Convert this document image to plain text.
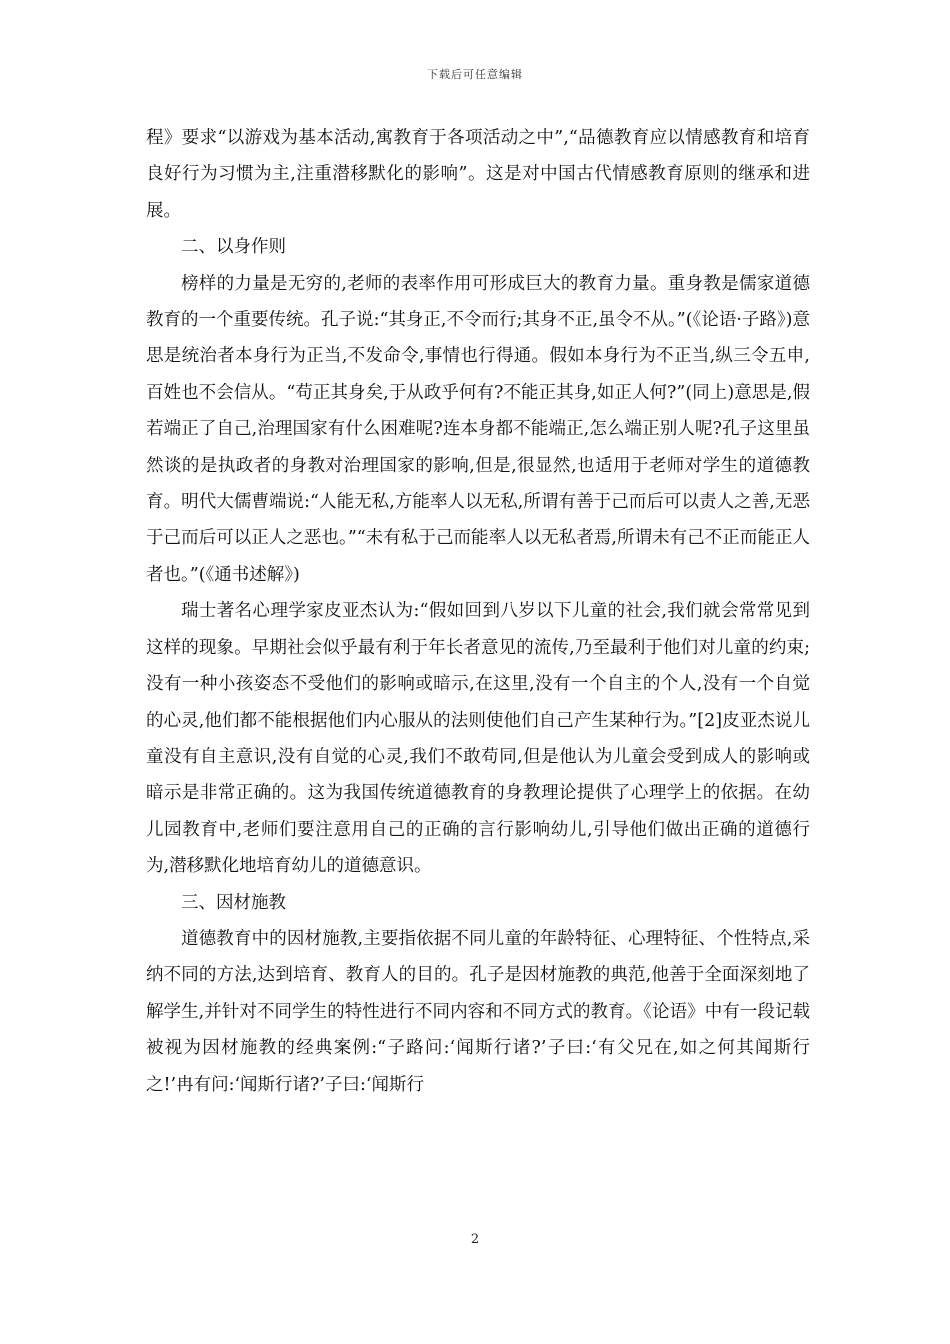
下载后可任意编辑

程》要求“以游戏为基本活动,寓教育于各项活动之中”,“品德教育应以情感教育和培育良好行为习惯为主,注重潜移默化的影响”。这是对中国古代情感教育原则的继承和进展。

二、以身作则

榜样的力量是无穷的,老师的表率作用可形成巨大的教育力量。重身教是儒家道德教育的一个重要传统。孔子说:“其身正,不令而行;其身不正,虽令不从。”(《论语·子路》)意思是统治者本身行为正当,不发命令,事情也行得通。假如本身行为不正当,纵三令五申,百姓也不会信从。“苟正其身矣,于从政乎何有?不能正其身,如正人何?”(同上)意思是,假若端正了自己,治理国家有什么困难呢?连本身都不能端正,怎么端正别人呢?孔子这里虽然谈的是执政者的身教对治理国家的影响,但是,很显然,也适用于老师对学生的道德教育。明代大儒曹端说:“人能无私,方能率人以无私,所谓有善于己而后可以责人之善,无恶于己而后可以正人之恶也。”“未有私于己而能率人以无私者焉,所谓未有己不正而能正人者也。”(《通书述解》)

瑞士著名心理学家皮亚杰认为:“假如回到八岁以下儿童的社会,我们就会常常见到这样的现象。早期社会似乎最有利于年长者意见的流传,乃至最利于他们对儿童的约束;没有一种小孩姿态不受他们的影响或暗示,在这里,没有一个自主的个人,没有一个自觉的心灵,他们都不能根据他们内心服从的法则使他们自己产生某种行为。”[2]皮亚杰说儿童没有自主意识,没有自觉的心灵,我们不敢苟同,但是他认为儿童会受到成人的影响或暗示是非常正确的。这为我国传统道德教育的身教理论提供了心理学上的依据。在幼儿园教育中,老师们要注意用自己的正确的言行影响幼儿,引导他们做出正确的道德行为,潜移默化地培育幼儿的道德意识。

三、因材施教

道德教育中的因材施教,主要指依据不同儿童的年龄特征、心理特征、个性特点,采纳不同的方法,达到培育、教育人的目的。孔子是因材施教的典范,他善于全面深刻地了解学生,并针对不同学生的特性进行不同内容和不同方式的教育。《论语》中有一段记载被视为因材施教的经典案例:“子路问:‘闻斯行诸?’子曰:‘有父兄在,如之何其闻斯行之!’冉有问:‘闻斯行诸?’子曰:‘闻斯行

2
